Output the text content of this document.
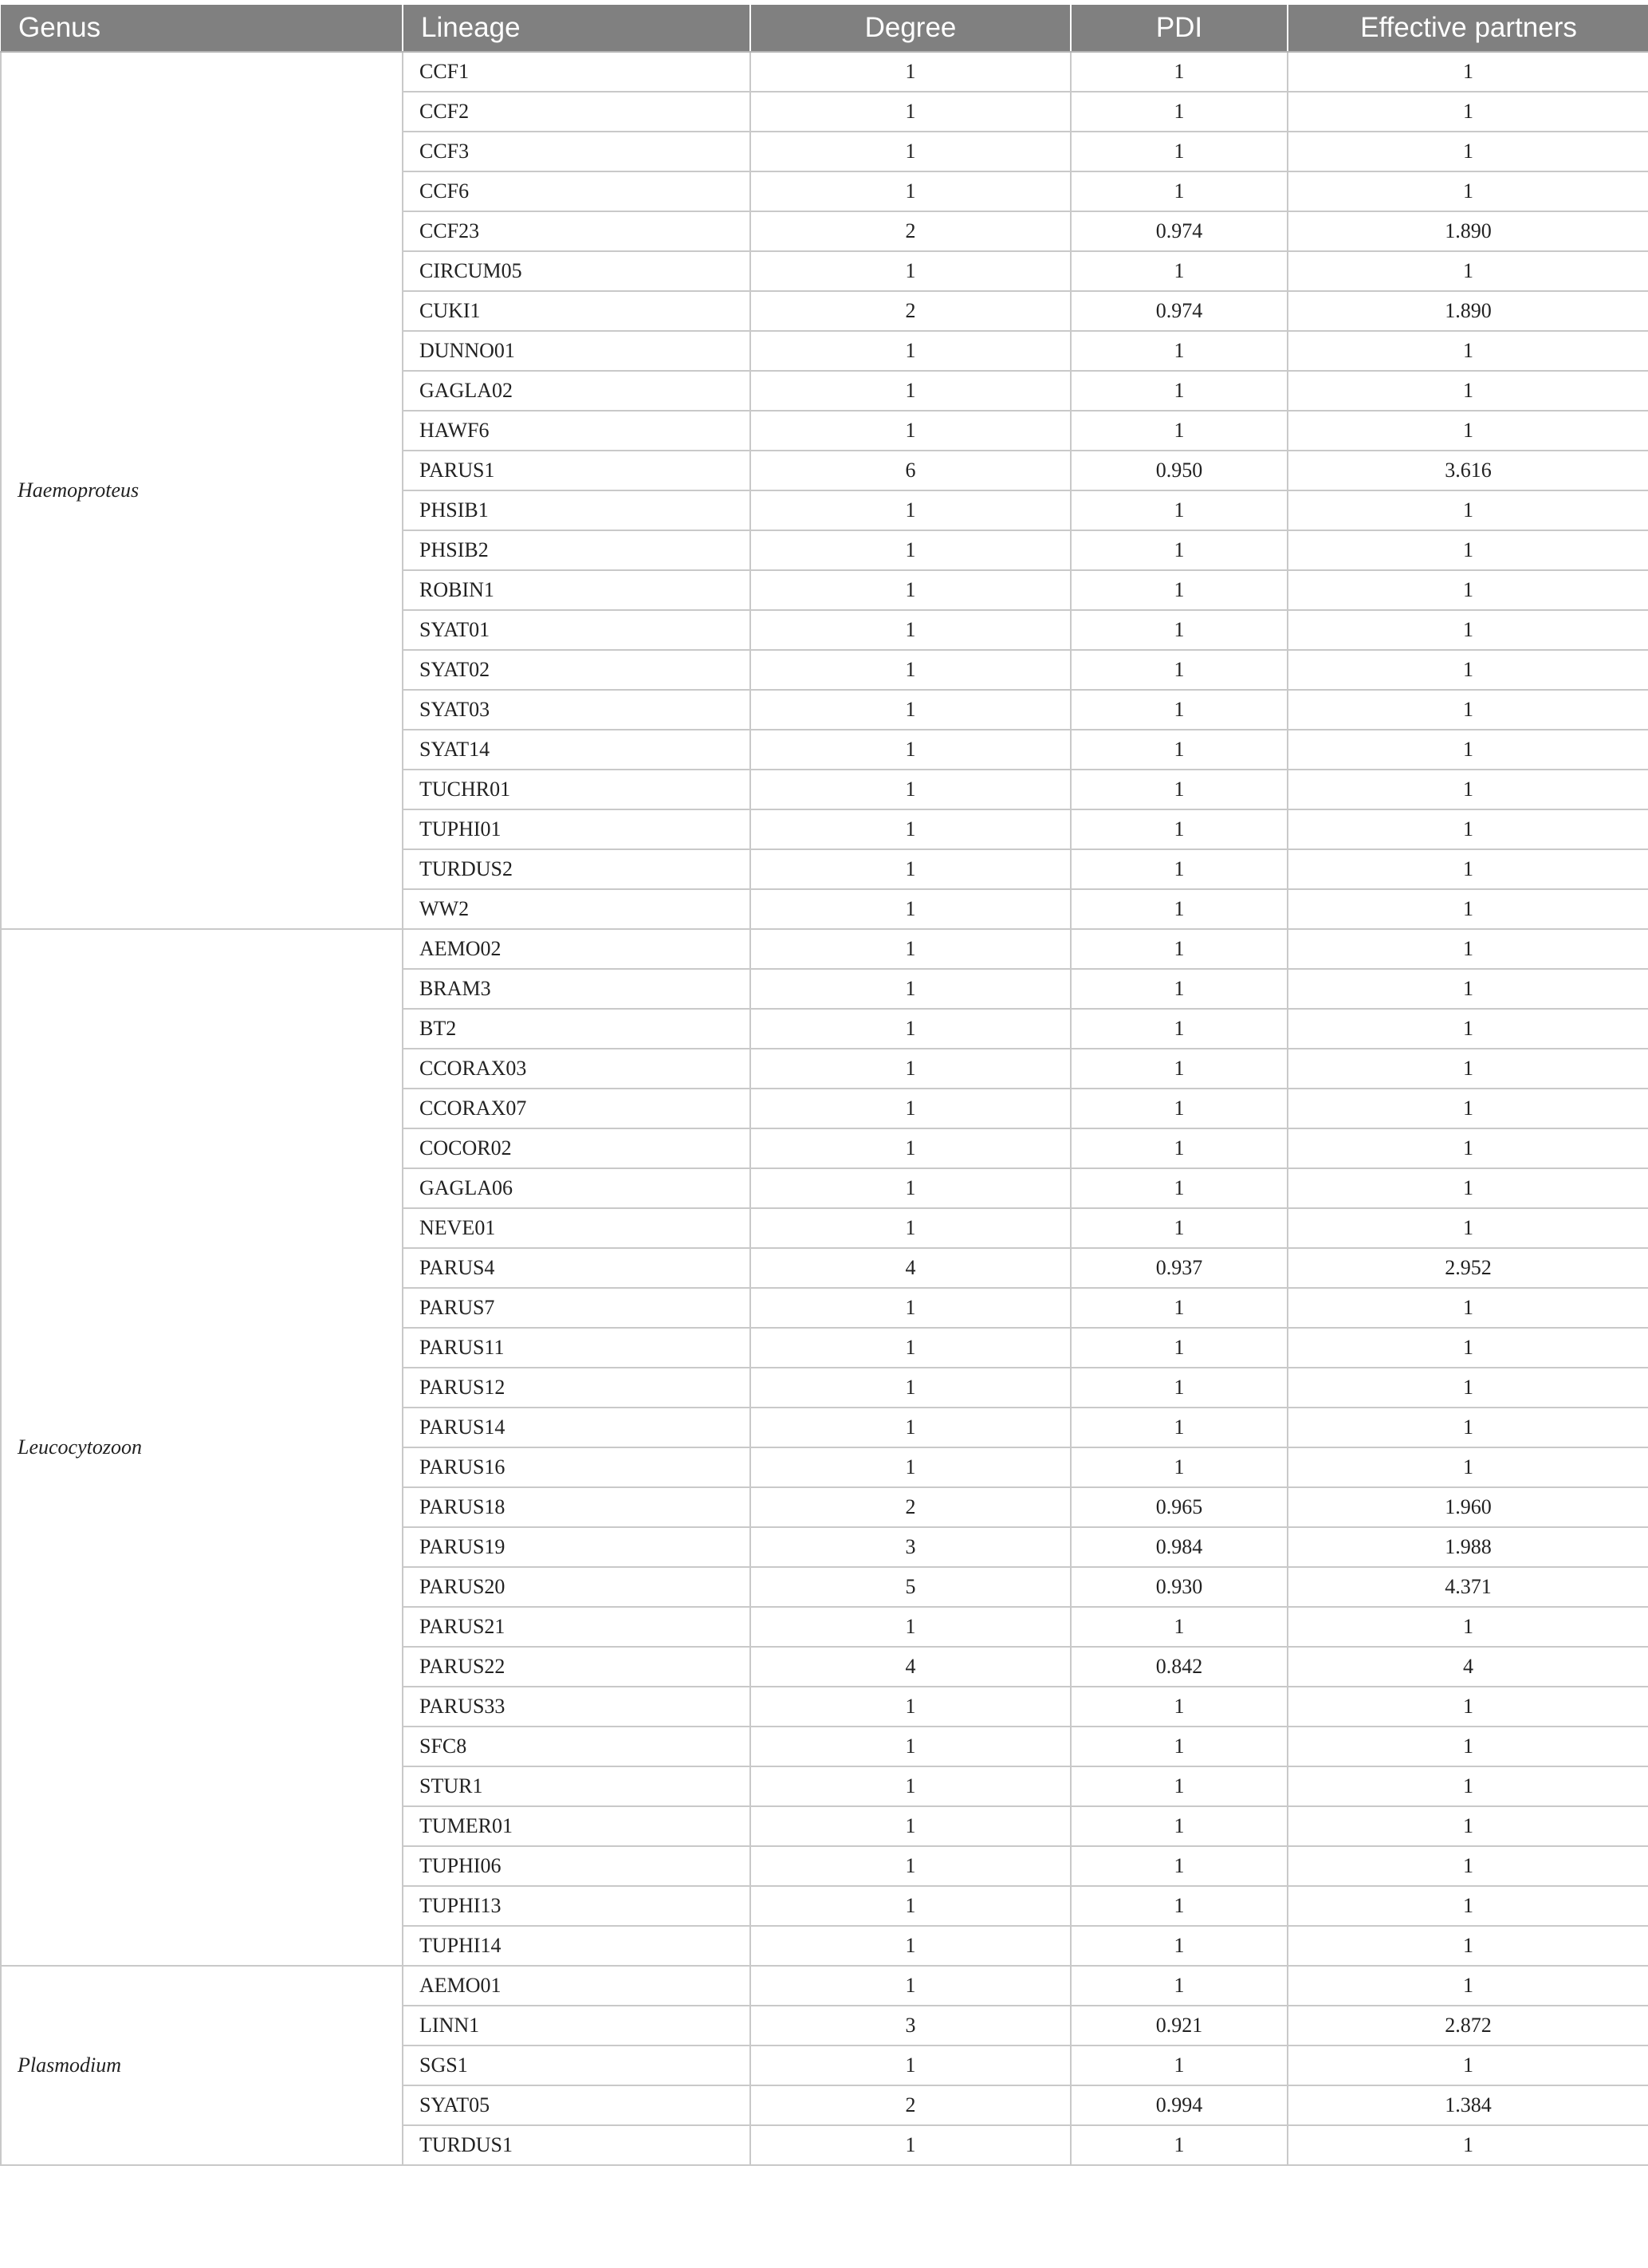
Genus	Lineage	Degree	PDI	Effective partners
Haemoproteus	CCF1	1	1	1
	CCF2	1	1	1
	CCF3	1	1	1
	CCF6	1	1	1
	CCF23	2	0.974	1.890
	CIRCUM05	1	1	1
	CUKI1	2	0.974	1.890
	DUNNO01	1	1	1
	GAGLA02	1	1	1
	HAWF6	1	1	1
	PARUS1	6	0.950	3.616
	PHSIB1	1	1	1
	PHSIB2	1	1	1
	ROBIN1	1	1	1
	SYAT01	1	1	1
	SYAT02	1	1	1
	SYAT03	1	1	1
	SYAT14	1	1	1
	TUCHR01	1	1	1
	TUPHI01	1	1	1
	TURDUS2	1	1	1
	WW2	1	1	1
Leucocytozoon	AEMO02	1	1	1
	BRAM3	1	1	1
	BT2	1	1	1
	CCORAX03	1	1	1
	CCORAX07	1	1	1
	COCOR02	1	1	1
	GAGLA06	1	1	1
	NEVE01	1	1	1
	PARUS4	4	0.937	2.952
	PARUS7	1	1	1
	PARUS11	1	1	1
	PARUS12	1	1	1
	PARUS14	1	1	1
	PARUS16	1	1	1
	PARUS18	2	0.965	1.960
	PARUS19	3	0.984	1.988
	PARUS20	5	0.930	4.371
	PARUS21	1	1	1
	PARUS22	4	0.842	4
	PARUS33	1	1	1
	SFC8	1	1	1
	STUR1	1	1	1
	TUMER01	1	1	1
	TUPHI06	1	1	1
	TUPHI13	1	1	1
	TUPHI14	1	1	1
Plasmodium	AEMO01	1	1	1
	LINN1	3	0.921	2.872
	SGS1	1	1	1
	SYAT05	2	0.994	1.384
	TURDUS1	1	1	1
